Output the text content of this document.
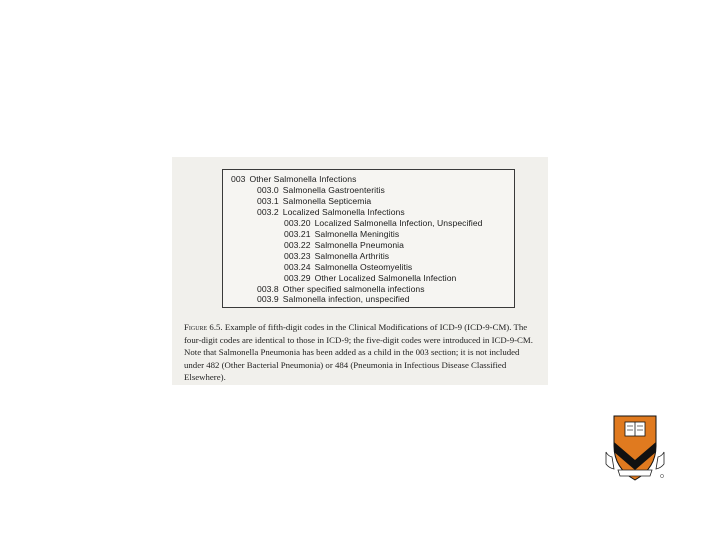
003 Other Salmonella Infections
003.0 Salmonella Gastroenteritis
003.1 Salmonella Septicemia
003.2 Localized Salmonella Infections
003.20 Localized Salmonella Infection, Unspecified
003.21 Salmonella Meningitis
003.22 Salmonella Pneumonia
003.23 Salmonella Arthritis
003.24 Salmonella Osteomyelitis
003.29 Other Localized Salmonella Infection
003.8 Other specified salmonella infections
003.9 Salmonella infection, unspecified
Figure 6.5. Example of fifth-digit codes in the Clinical Modifications of ICD-9 (ICD-9-CM). The four-digit codes are identical to those in ICD-9; the five-digit codes were introduced in ICD-9-CM. Note that Salmonella Pneumonia has been added as a child in the 003 section; it is not included under 482 (Other Bacterial Pneumonia) or 484 (Pneumonia in Infectious Disease Classified Elsewhere).
